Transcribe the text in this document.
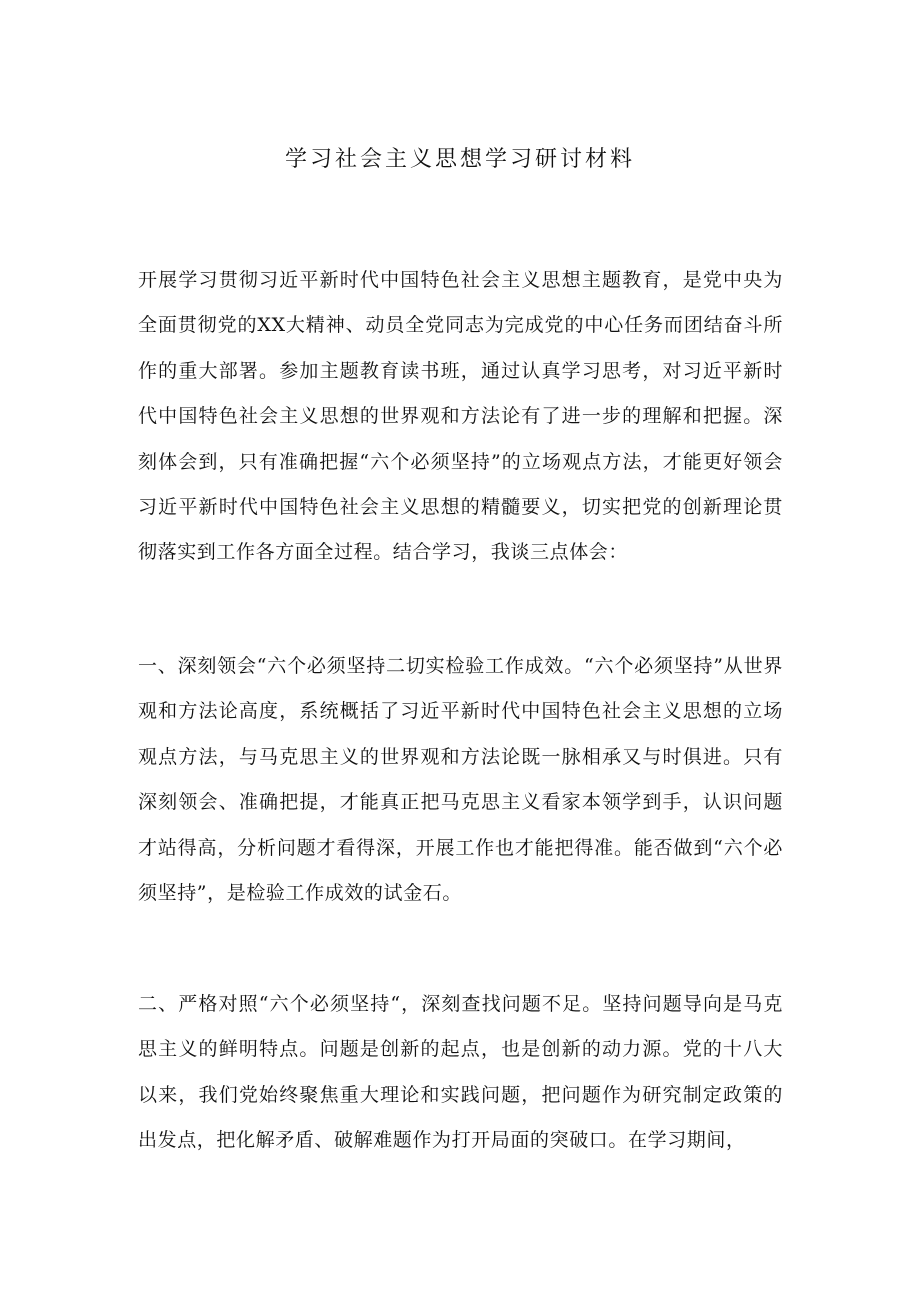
学习社会主义思想学习研讨材料

开展学习贯彻习近平新时代中国特色社会主义思想主题教育，是党中央为全面贯彻党的XX大精神、动员全党同志为完成党的中心任务而团结奋斗所作的重大部署。参加主题教育读书班，通过认真学习思考，对习近平新时代中国特色社会主义思想的世界观和方法论有了进一步的理解和把握。深刻体会到，只有准确把握“六个必须坚持”的立场观点方法，才能更好领会习近平新时代中国特色社会主义思想的精髓要义，切实把党的创新理论贯彻落实到工作各方面全过程。结合学习，我谈三点体会：

一、深刻领会“六个必须坚持二切实检验工作成效。“六个必须坚持”从世界观和方法论高度，系统概括了习近平新时代中国特色社会主义思想的立场观点方法，与马克思主义的世界观和方法论既一脉相承又与时俱进。只有深刻领会、准确把提，才能真正把马克思主义看家本领学到手，认识问题才站得高，分析问题才看得深，开展工作也才能把得准。能否做到“六个必须坚持”，是检验工作成效的试金石。

二、严格对照“六个必须坚持“，深刻查找问题不足。坚持问题导向是马克思主义的鲜明特点。问题是创新的起点，也是创新的动力源。党的十八大以来，我们党始终聚焦重大理论和实践问题，把问题作为研究制定政策的出发点，把化解矛盾、破解难题作为打开局面的突破口。在学习期间，
